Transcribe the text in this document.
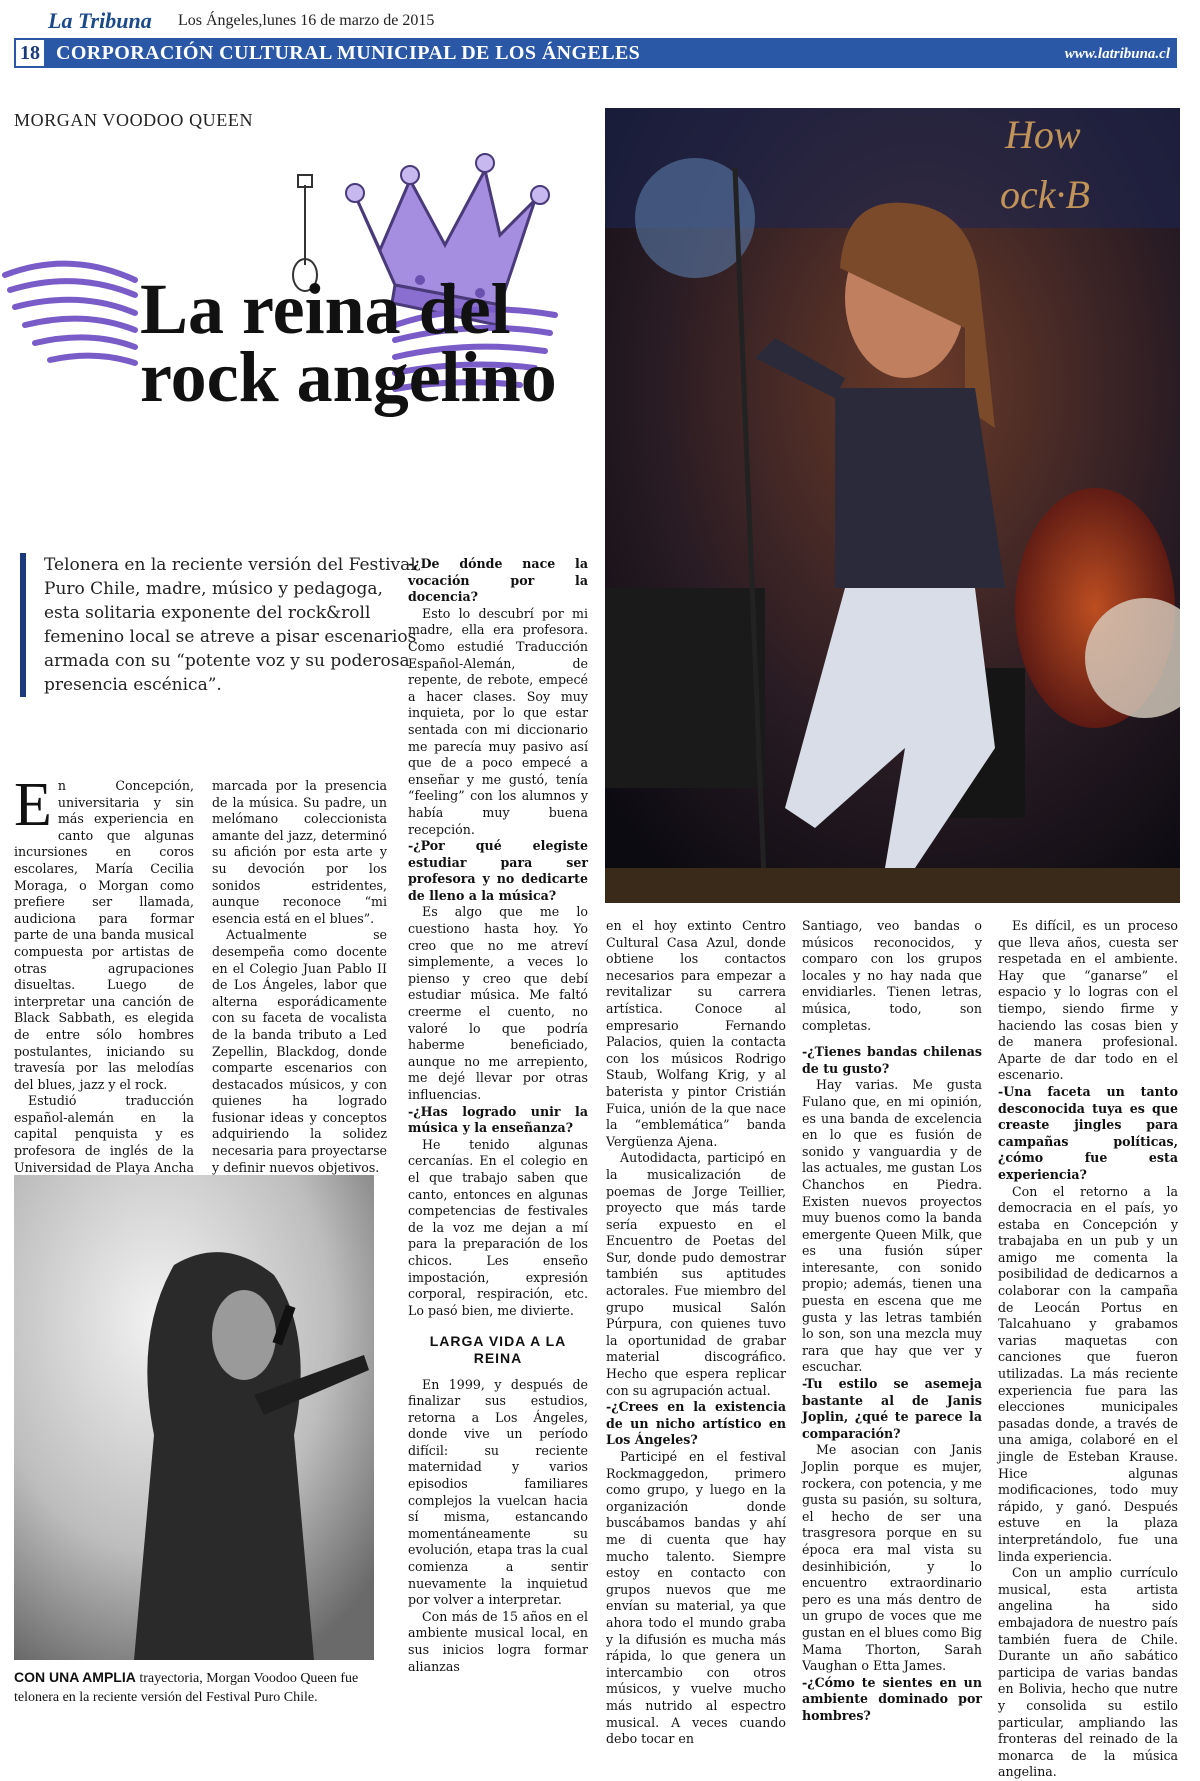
La Tribuna Los Ángeles,lunes 16 de marzo de 2015
18 CORPORACIÓN CULTURAL MUNICIPAL DE LOS ÁNGELES	www.latribuna.cl
MORGAN VOODOO QUEEN
La reina del rock angelino
Telonera en la reciente versión del Festival Puro Chile, madre, músico y pedagoga, esta solitaria exponente del rock&roll femenino local se atreve a pisar escenarios armada con su “potente voz y su poderosa presencia escénica”.
How
ock·B
E n Concepción, universitaria y sin más experiencia en canto que algunas incursiones en coros escolares, María Cecilia Moraga, o Morgan como prefiere ser llamada, audiciona para formar parte de una banda musical compuesta por artistas de otras agrupaciones disueltas. Luego de interpretar una canción de Black Sabbath, es elegida de entre sólo hombres postulantes, iniciando su travesía por las melodías del blues, jazz y el rock.

Estudió traducción español-alemán en la capital penquista y es profesora de inglés de la Universidad de Playa Ancha

marcada por la presencia de la música. Su padre, un melómano coleccionista amante del jazz, determinó su afición por esta arte y su devoción por los sonidos estridentes, aunque reconoce “mi esencia está en el blues”.

Actualmente se desempeña como docente en el Colegio Juan Pablo II de Los Ángeles, labor que alterna esporádicamente con su faceta de vocalista de la banda tributo a Led Zepellin, Blackdog, donde comparte escenarios con destacados músicos, y con quienes ha logrado fusionar ideas y conceptos adquiriendo la solidez necesaria para proyectarse y definir nuevos objetivos.

-¿De dónde nace la vocación por la docencia?

Esto lo descubrí por mi madre, ella era profesora. Como estudié Traducción Español-Alemán, de repente, de rebote, empecé a hacer clases. Soy muy inquieta, por lo que estar sentada con mi diccionario me parecía muy pasivo así que de a poco empecé a enseñar y me gustó, tenía “feeling” con los alumnos y había muy buena recepción.

-¿Por qué elegiste estudiar para ser profesora y no dedicarte de lleno a la música?

Es algo que me lo cuestiono hasta hoy. Yo creo que no me atreví simplemente, a veces lo pienso y creo que debí estudiar música. Me faltó creerme el cuento, no valoré lo que podría haberme beneficiado, aunque no me arrepiento, me dejé llevar por otras influencias.

-¿Has logrado unir la música y la enseñanza?

He tenido algunas cercanías. En el colegio en el que trabajo saben que canto, entonces en algunas competencias de festivales de la voz me dejan a mí para la preparación de los chicos. Les enseño impostación, expresión corporal, respiración, etc. Lo pasó bien, me divierte.

LARGA VIDA A LA REINA

En 1999, y después de finalizar sus estudios, retorna a Los Ángeles, donde vive un período difícil: su reciente maternidad y varios episodios familiares complejos la vuelcan hacia sí misma, estancando momentáneamente su evolución, etapa tras la cual comienza a sentir nuevamente la inquietud por volver a interpretar.

Con más de 15 años en el ambiente musical local, en sus inicios logra formar alianzas

en el hoy extinto Centro Cultural Casa Azul, donde obtiene los contactos necesarios para empezar a revitalizar su carrera artística. Conoce al empresario Fernando Palacios, quien la contacta con los músicos Rodrigo Staub, Wolfang Krig, y al baterista y pintor Cristián Fuica, unión de la que nace la “emblemática” banda Vergüenza Ajena.

Autodidacta, participó en la musicalización de poemas de Jorge Teillier, proyecto que más tarde sería expuesto en el Encuentro de Poetas del Sur, donde pudo demostrar también sus aptitudes actorales. Fue miembro del grupo musical Salón Púrpura, con quienes tuvo la oportunidad de grabar material discográfico. Hecho que espera replicar con su agrupación actual.

-¿Crees en la existencia de un nicho artístico en Los Ángeles?

Participé en el festival Rockmaggedon, primero como grupo, y luego en la organización donde buscábamos bandas y ahí me di cuenta que hay mucho talento. Siempre estoy en contacto con grupos nuevos que me envían su material, ya que ahora todo el mundo graba y la difusión es mucha más rápida, lo que genera un intercambio con otros músicos, y vuelve mucho más nutrido al espectro musical. A veces cuando debo tocar en

Santiago, veo bandas o músicos reconocidos, y comparo con los grupos locales y no hay nada que envidiarles. Tienen letras, música, todo, son completas.

-¿Tienes bandas chilenas de tu gusto?

Hay varias. Me gusta Fulano que, en mi opinión, es una banda de excelencia en lo que es fusión de sonido y vanguardia y de las actuales, me gustan Los Chanchos en Piedra. Existen nuevos proyectos muy buenos como la banda emergente Queen Milk, que es una fusión súper interesante, con sonido propio; además, tienen una puesta en escena que me gusta y las letras también lo son, son una mezcla muy rara que hay que ver y escuchar.

-Tu estilo se asemeja bastante al de Janis Joplin, ¿qué te parece la comparación?

Me asocian con Janis Joplin porque es mujer, rockera, con potencia, y me gusta su pasión, su soltura, el hecho de ser una trasgresora porque en su época era mal vista su desinhibición, y lo encuentro extraordinario pero es una más dentro de un grupo de voces que me gustan en el blues como Big Mama Thorton, Sarah Vaughan o Etta James.

-¿Cómo te sientes en un ambiente dominado por hombres?

Es difícil, es un proceso que lleva años, cuesta ser respetada en el ambiente. Hay que “ganarse” el espacio y lo logras con el tiempo, siendo firme y haciendo las cosas bien y de manera profesional. Aparte de dar todo en el escenario.

-Una faceta un tanto desconocida tuya es que creaste jingles para campañas políticas, ¿cómo fue esta experiencia?

Con el retorno a la democracia en el país, yo estaba en Concepción y trabajaba en un pub y un amigo me comenta la posibilidad de dedicarnos a colaborar con la campaña de Leocán Portus en Talcahuano y grabamos varias maquetas con canciones que fueron utilizadas. La más reciente experiencia fue para las elecciones municipales pasadas donde, a través de una amiga, colaboré en el jingle de Esteban Krause. Hice algunas modificaciones, todo muy rápido, y ganó. Después estuve en la plaza interpretándolo, fue una linda experiencia.

Con un amplio currículo musical, esta artista angelina ha sido embajadora de nuestro país también fuera de Chile. Durante un año sabático participa de varias bandas en Bolivia, hecho que nutre y consolida su estilo particular, ampliando las fronteras del reinado de la monarca de la música angelina.

CON UNA AMPLIA trayectoria, Morgan Voodoo Queen fue telonera en la reciente versión del Festival Puro Chile.
